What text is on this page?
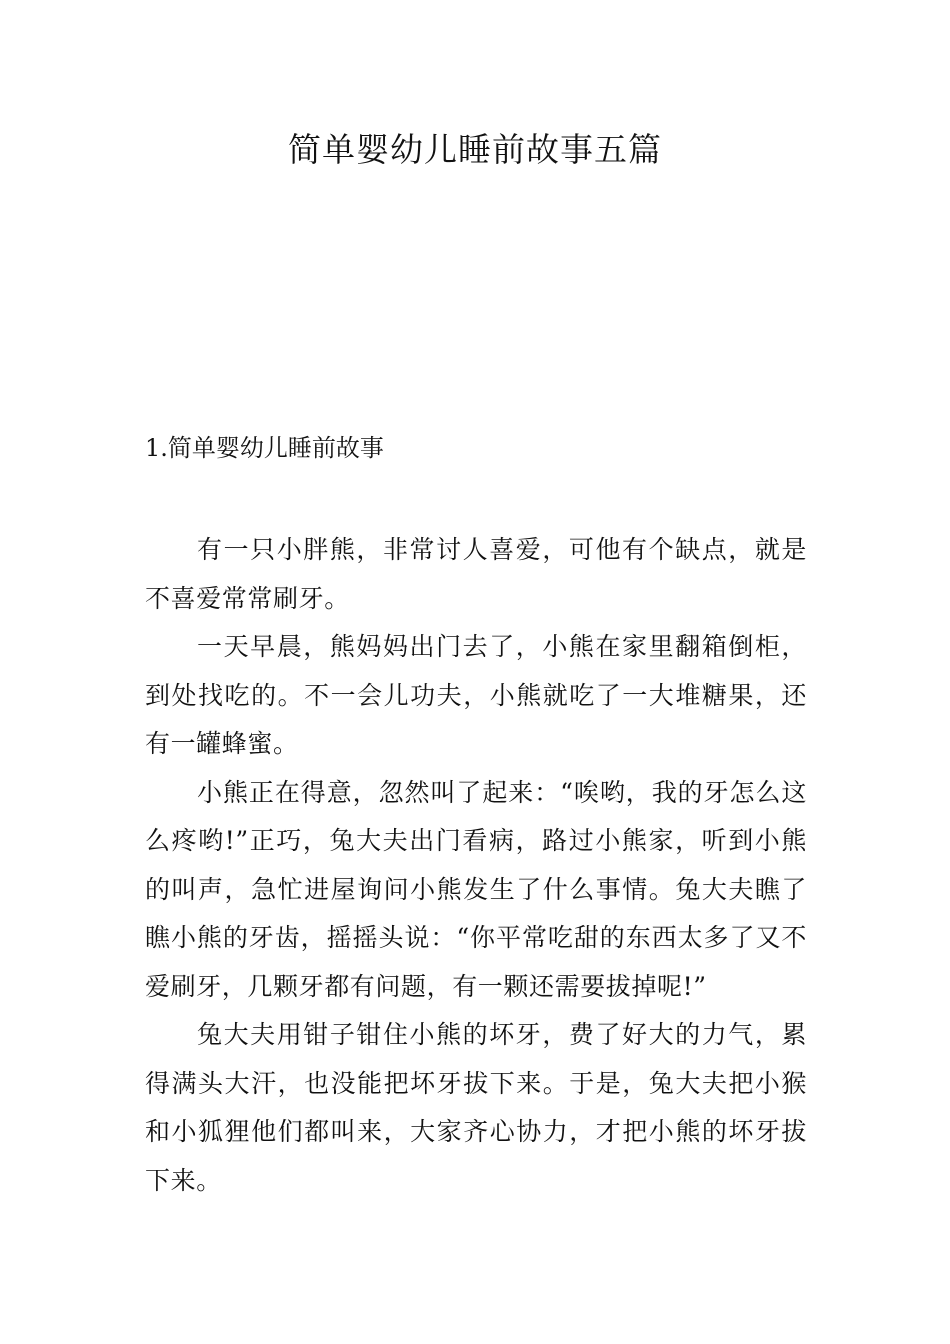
简单婴幼儿睡前故事五篇
1.简单婴幼儿睡前故事

有一只小胖熊，非常讨人喜爱，可他有个缺点，就是不喜爱常常刷牙。

一天早晨，熊妈妈出门去了，小熊在家里翻箱倒柜，到处找吃的。不一会儿功夫，小熊就吃了一大堆糖果，还有一罐蜂蜜。

小熊正在得意，忽然叫了起来：“唉哟，我的牙怎么这么疼哟!”正巧，兔大夫出门看病，路过小熊家，听到小熊的叫声，急忙进屋询问小熊发生了什么事情。兔大夫瞧了瞧小熊的牙齿，摇摇头说：“你平常吃甜的东西太多了又不爱刷牙，几颗牙都有问题，有一颗还需要拔掉呢!”

兔大夫用钳子钳住小熊的坏牙，费了好大的力气，累得满头大汗，也没能把坏牙拔下来。于是，兔大夫把小猴和小狐狸他们都叫来，大家齐心协力，才把小熊的坏牙拔下来。
